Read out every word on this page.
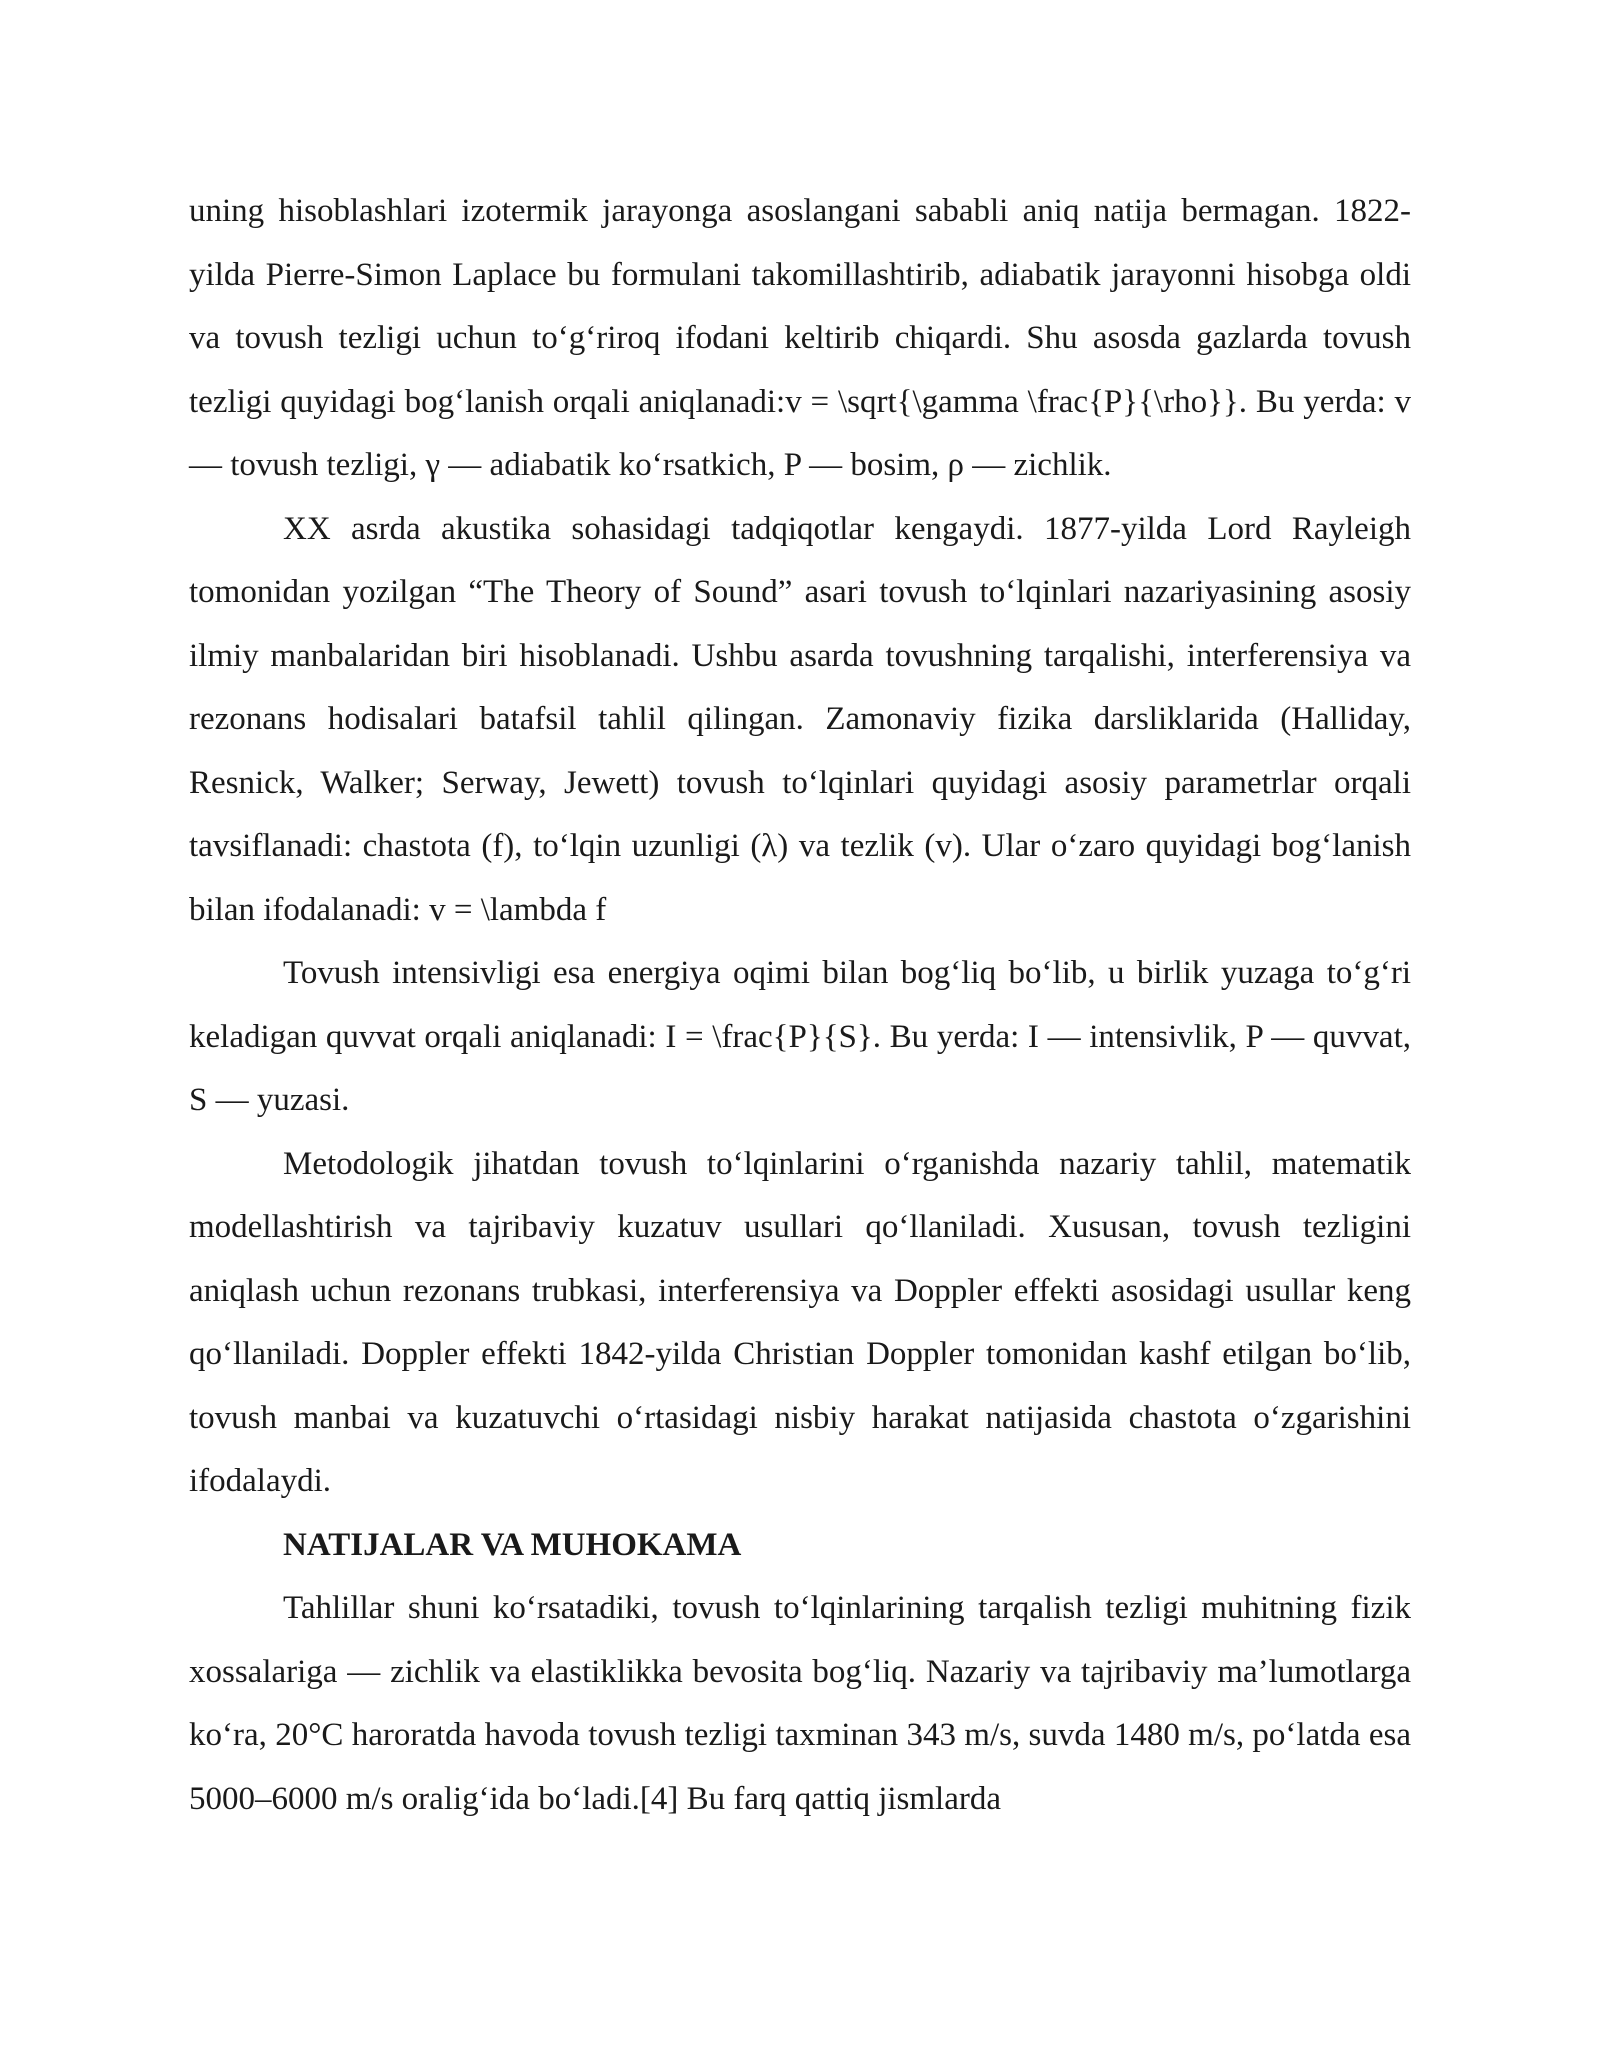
uning hisoblashlari izotermik jarayonga asoslangani sababli aniq natija bermagan. 1822-yilda Pierre-Simon Laplace bu formulani takomillashtirib, adiabatik jarayonni hisobga oldi va tovush tezligi uchun to‘g‘riroq ifodani keltirib chiqardi. Shu asosda gazlarda tovush tezligi quyidagi bog‘lanish orqali aniqlanadi:v = \sqrt{\gamma \frac{P}{\rho}}. Bu yerda: v — tovush tezligi, γ — adiabatik ko‘rsatkich, P — bosim, ρ — zichlik.

XX asrda akustika sohasidagi tadqiqotlar kengaydi. 1877-yilda Lord Rayleigh tomonidan yozilgan “The Theory of Sound” asari tovush to‘lqinlari nazariyasining asosiy ilmiy manbalaridan biri hisoblanadi. Ushbu asarda tovushning tarqalishi, interferensiya va rezonans hodisalari batafsil tahlil qilingan. Zamonaviy fizika darsliklarida (Halliday, Resnick, Walker; Serway, Jewett) tovush to‘lqinlari quyidagi asosiy parametrlar orqali tavsiflanadi: chastota (f), to‘lqin uzunligi (λ) va tezlik (v). Ular o‘zaro quyidagi bog‘lanish bilan ifodalanadi: v = \lambda f

Tovush intensivligi esa energiya oqimi bilan bog‘liq bo‘lib, u birlik yuzaga to‘g‘ri keladigan quvvat orqali aniqlanadi: I = \frac{P}{S}. Bu yerda: I — intensivlik, P — quvvat, S — yuzasi.

Metodologik jihatdan tovush to‘lqinlarini o‘rganishda nazariy tahlil, matematik modellashtirish va tajribaviy kuzatuv usullari qo‘llaniladi. Xususan, tovush tezligini aniqlash uchun rezonans trubkasi, interferensiya va Doppler effekti asosidagi usullar keng qo‘llaniladi. Doppler effekti 1842-yilda Christian Doppler tomonidan kashf etilgan bo‘lib, tovush manbai va kuzatuvchi o‘rtasidagi nisbiy harakat natijasida chastota o‘zgarishini ifodalaydi.

NATIJALAR VA MUHOKAMA

Tahlillar shuni ko‘rsatadiki, tovush to‘lqinlarining tarqalish tezligi muhitning fizik xossalariga — zichlik va elastiklikka bevosita bog‘liq. Nazariy va tajribaviy ma’lumotlarga ko‘ra, 20°C haroratda havoda tovush tezligi taxminan 343 m/s, suvda 1480 m/s, po‘latda esa 5000–6000 m/s oralig‘ida bo‘ladi.[4] Bu farq qattiq jismlarda
